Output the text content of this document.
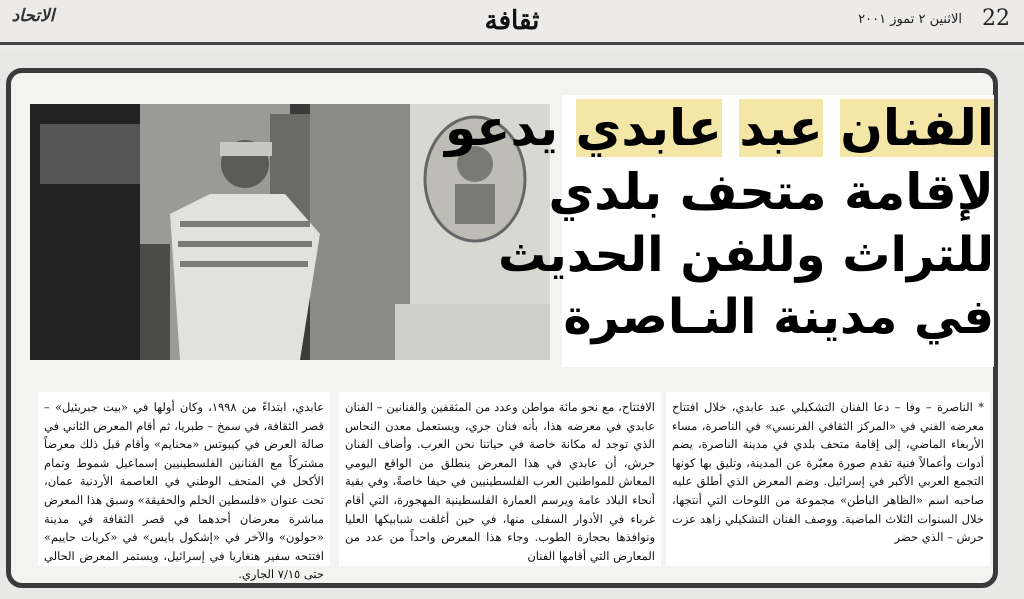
22
الاثنين ٢ تموز ٢٠٠١
ثقافة
الاتحاد
الفنان عبد عابدي يدعو
لإقامة متحف بلدي
للتراث وللفن الحديث
في مدينة النـاصرة
* الناصرة – وفا – دعا الفنان التشكيلي عبد عابدي، خلال افتتاح معرضه الفني في «المركز الثقافي الفرنسي» في الناصرة، مساء الأربعاء الماضي، إلى إقامة متحف بلدي في مدينة الناصرة، يضم أدوات وأعمالاً فنية تقدم صورة معبّرة عن المدينة، وتليق بها كونها التجمع العربي الأكبر في إسرائيل. وضم المعرض الذي أطلق عليه صاحبه اسم «الظاهر الباطن» مجموعة من اللوحات التي أنتجها، خلال السنوات الثلاث الماضية. ووصف الفنان التشكيلي زاهد عزت حرش – الذي حضر
الافتتاح، مع نحو مائة مواطن وعدد من المثقفين والفنانين – الفنان عابدي في معرضه هذا، بأنه فنان جري، ويستعمل معدن النحاس الذي توجد له مكانة خاصة في حياتنا نحن العرب. وأضاف الفنان حرش، أن عابدي في هذا المعرض ينطلق من الواقع اليومي المعاش للمواطنين العرب الفلسطينيين في حيفا خاصةً، وفي بقية أنحاء البلاد عامة ويرسم العمارة الفلسطينية المهجورة، التي أقام غرباء في الأدوار السفلى منها، في حين أغلقت شبابيكها العليا ونوافذها بحجارة الطوب. وجاء هذا المعرض واحداً من عدد من المعارض التي أقامها الفنان
عابدي، ابتداءً من ١٩٩٨، وكان أولها في «بيت جبريئيل» – قصر الثقافة، في سمخ – طبريا، ثم أقام المعرض الثاني في صالة العرض في كيبوتس «محنايم» وأقام قبل ذلك معرضاً مشتركاً مع الفنانين الفلسطينيين إسماعيل شموط وتمام الأكحل في المتحف الوطني في العاصمة الأردنية عمان، تحت عنوان «فلسطين الحلم والحقيقة» وسبق هذا المعرض مباشرة معرضان أحدهما في قصر الثقافة في مدينة «حولون» والآخر في «إشكول بايس» في «كريات حاييم» افتتحه سفير هنغاريا في إسرائيل، ويستمر المعرض الحالي حتى ٧/١٥ الجاري.
